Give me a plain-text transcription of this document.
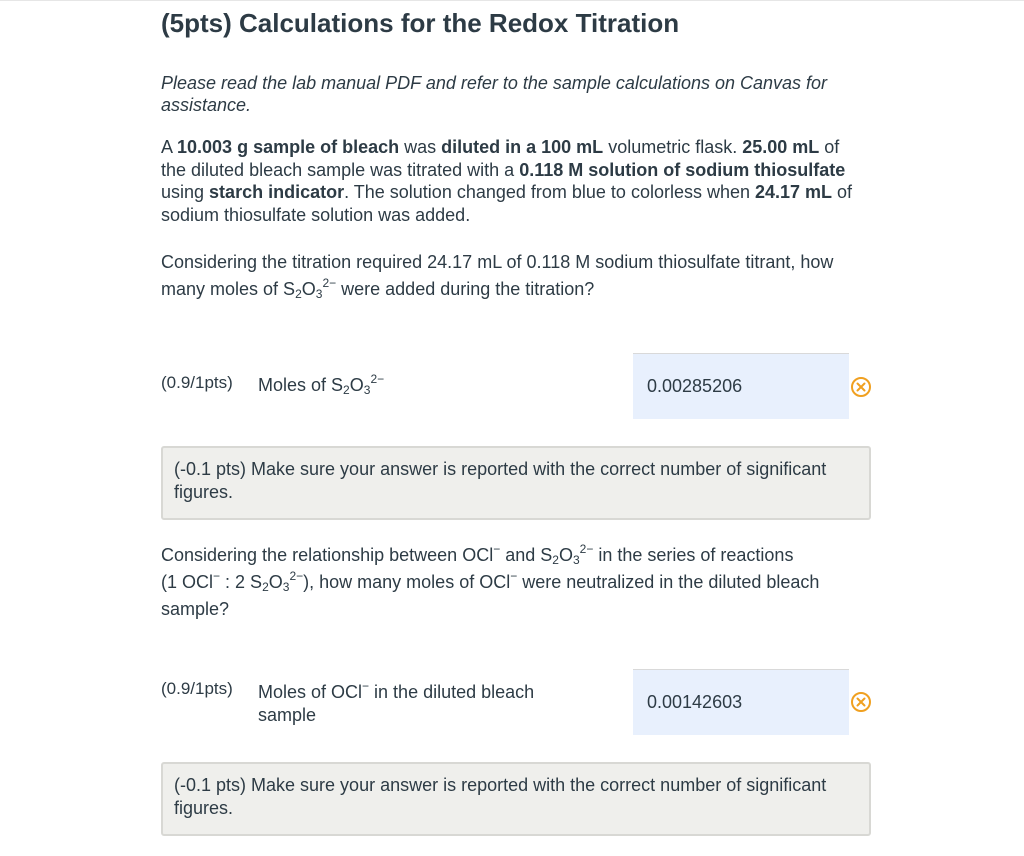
(5pts) Calculations for the Redox Titration

Please read the lab manual PDF and refer to the sample calculations on Canvas for assistance.

A 10.003 g sample of bleach was diluted in a 100 mL volumetric flask. 25.00 mL of the diluted bleach sample was titrated with a 0.118 M solution of sodium thiosulfate using starch indicator. The solution changed from blue to colorless when 24.17 mL of sodium thiosulfate solution was added.

Considering the titration required 24.17 mL of 0.118 M sodium thiosulfate titrant, how many moles of $S_2O_3^{2-}$ were added during the titration?

(0.9/1pts) Moles of $S_2O_3^{2-}$	0.00285206
(-0.1 pts) Make sure your answer is reported with the correct number of significant figures.

Considering the relationship between OCl− and $S_2O_3^{2-}$ in the series of reactions
(1 OCl− : 2 $S_2O_3^{2-}$), how many moles of OCl− were neutralized in the diluted bleach sample?

(0.9/1pts) Moles of OCl− in the diluted bleach sample
0.00142603
(-0.1 pts) Make sure your answer is reported with the correct number of significant figures.
